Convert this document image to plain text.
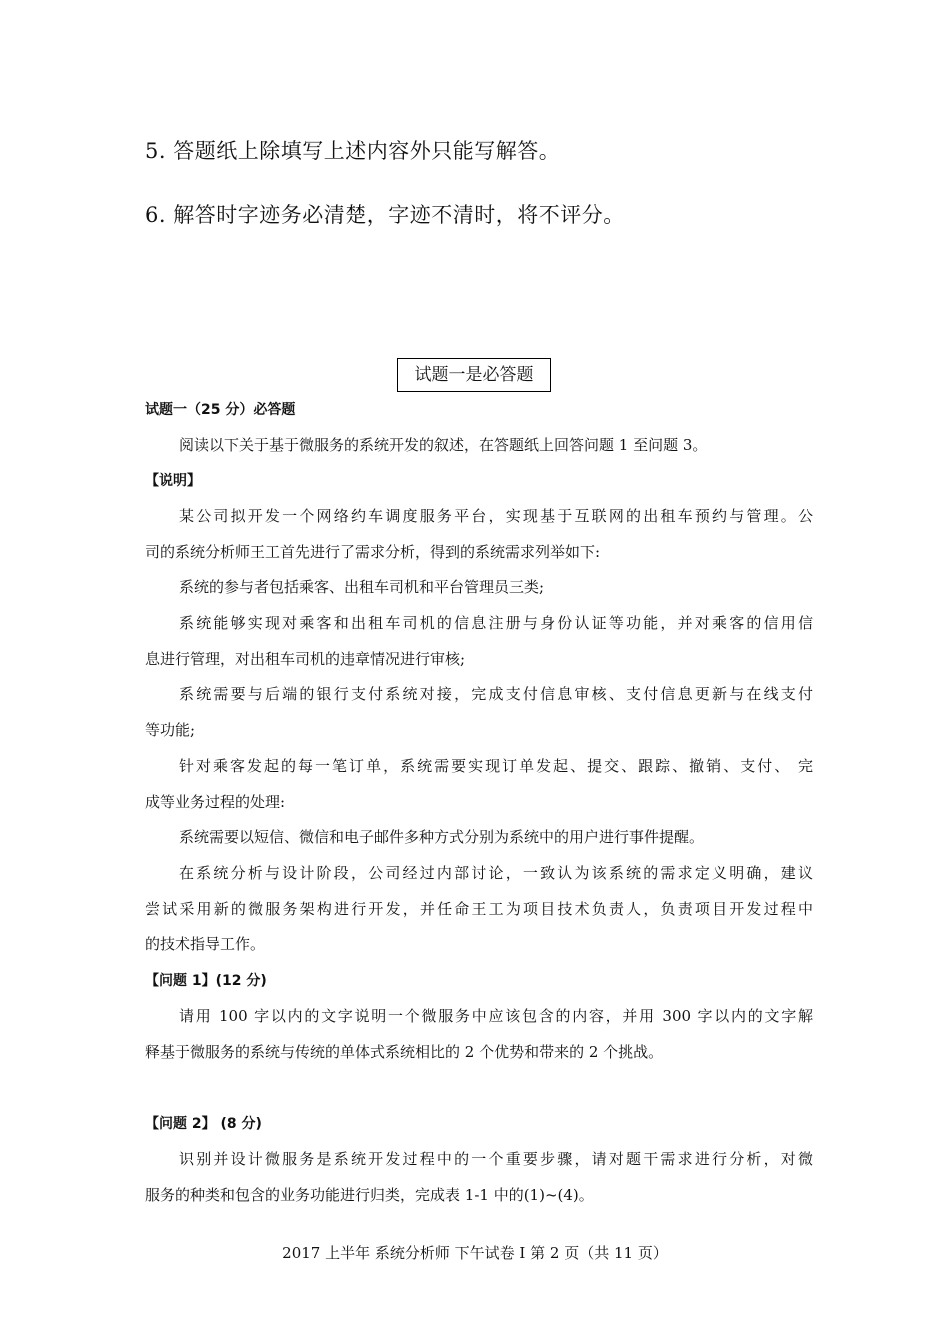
5. 答题纸上除填写上述内容外只能写解答。

6. 解答时字迹务必清楚，字迹不清时，将不评分。

试题一是必答题

试题一（25 分）必答题

阅读以下关于基于微服务的系统开发的叙述，在答题纸上回答问题 1 至问题 3。

【说明】

某公司拟开发一个网络约车调度服务平台，实现基于互联网的出租车预约与管理。公

司的系统分析师王工首先进行了需求分析，得到的系统需求列举如下:

系统的参与者包括乘客、出租车司机和平台管理员三类;

系统能够实现对乘客和出租车司机的信息注册与身份认证等功能，并对乘客的信用信

息进行管理，对出租车司机的违章情况进行审核;

系统需要与后端的银行支付系统对接，完成支付信息审核、支付信息更新与在线支付

等功能;

针对乘客发起的每一笔订单，系统需要实现订单发起、提交、跟踪、撤销、支付、 完

成等业务过程的处理:

系统需要以短信、微信和电子邮件多种方式分别为系统中的用户进行事件提醒。

在系统分析与设计阶段，公司经过内部讨论，一致认为该系统的需求定义明确，建议

尝试采用新的微服务架构进行开发，并任命王工为项目技术负责人，负责项目开发过程中

的技术指导工作。

【问题 1】(12 分)

请用 100 字以内的文字说明一个微服务中应该包含的内容，并用 300 字以内的文字解

释基于微服务的系统与传统的单体式系统相比的 2 个优势和带来的 2 个挑战。

【问题 2】 (8 分)

识别并设计微服务是系统开发过程中的一个重要步骤，请对题干需求进行分析，对微

服务的种类和包含的业务功能进行归类，完成表 1-1 中的(1)~(4)。

2017 上半年 系统分析师 下午试卷 I 第 2 页（共 11 页）
